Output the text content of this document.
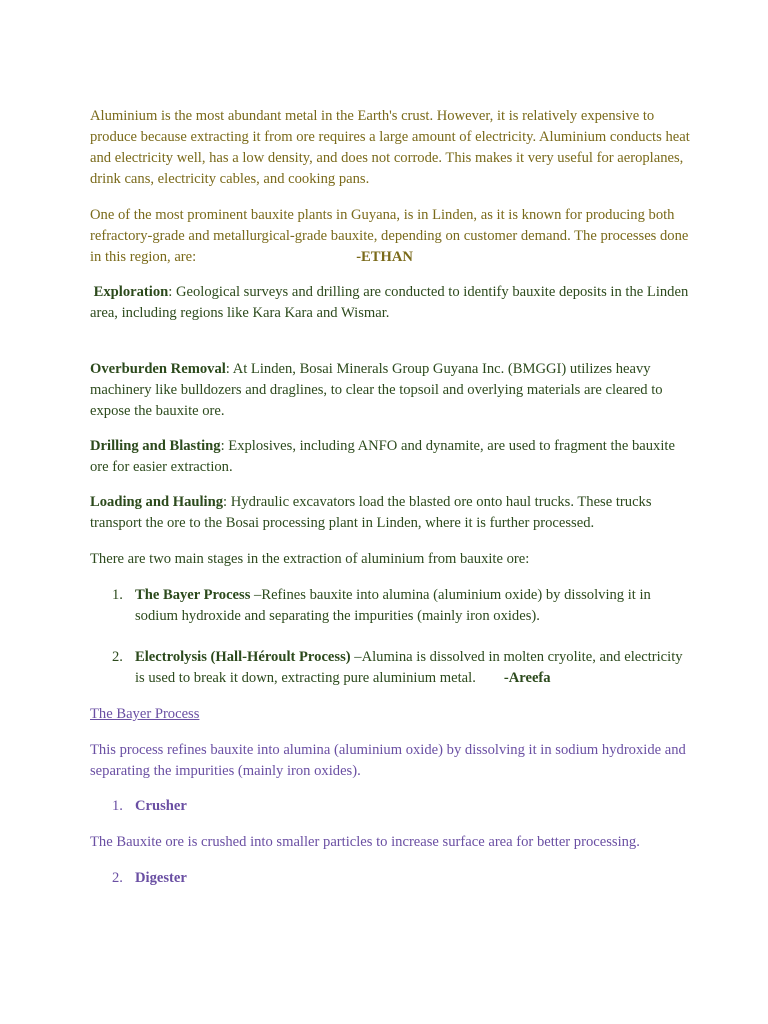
Aluminium is the most abundant metal in the Earth's crust. However, it is relatively expensive to produce because extracting it from ore requires a large amount of electricity. Aluminium conducts heat and electricity well, has a low density, and does not corrode. This makes it very useful for aeroplanes, drink cans, electricity cables, and cooking pans.

One of the most prominent bauxite plants in Guyana, is in Linden, as it is known for producing both refractory-grade and metallurgical-grade bauxite, depending on customer demand. The processes done in this region, are:	-ETHAN

Exploration: Geological surveys and drilling are conducted to identify bauxite deposits in the Linden area, including regions like Kara Kara and Wismar.

Overburden Removal: At Linden, Bosai Minerals Group Guyana Inc. (BMGGI) utilizes heavy machinery like bulldozers and draglines, to clear the topsoil and overlying materials are cleared to expose the bauxite ore.

Drilling and Blasting: Explosives, including ANFO and dynamite, are used to fragment the bauxite ore for easier extraction.

Loading and Hauling: Hydraulic excavators load the blasted ore onto haul trucks. These trucks transport the ore to the Bosai processing plant in Linden, where it is further processed.

There are two main stages in the extraction of aluminium from bauxite ore:

1. The Bayer Process –Refines bauxite into alumina (aluminium oxide) by dissolving it in sodium hydroxide and separating the impurities (mainly iron oxides).
2. Electrolysis (Hall-Héroult Process) –Alumina is dissolved in molten cryolite, and electricity is used to break it down, extracting pure aluminium metal. -Areefa

The Bayer Process

This process refines bauxite into alumina (aluminium oxide) by dissolving it in sodium hydroxide and separating the impurities (mainly iron oxides).

1. Crusher

The Bauxite ore is crushed into smaller particles to increase surface area for better processing.

2. Digester
